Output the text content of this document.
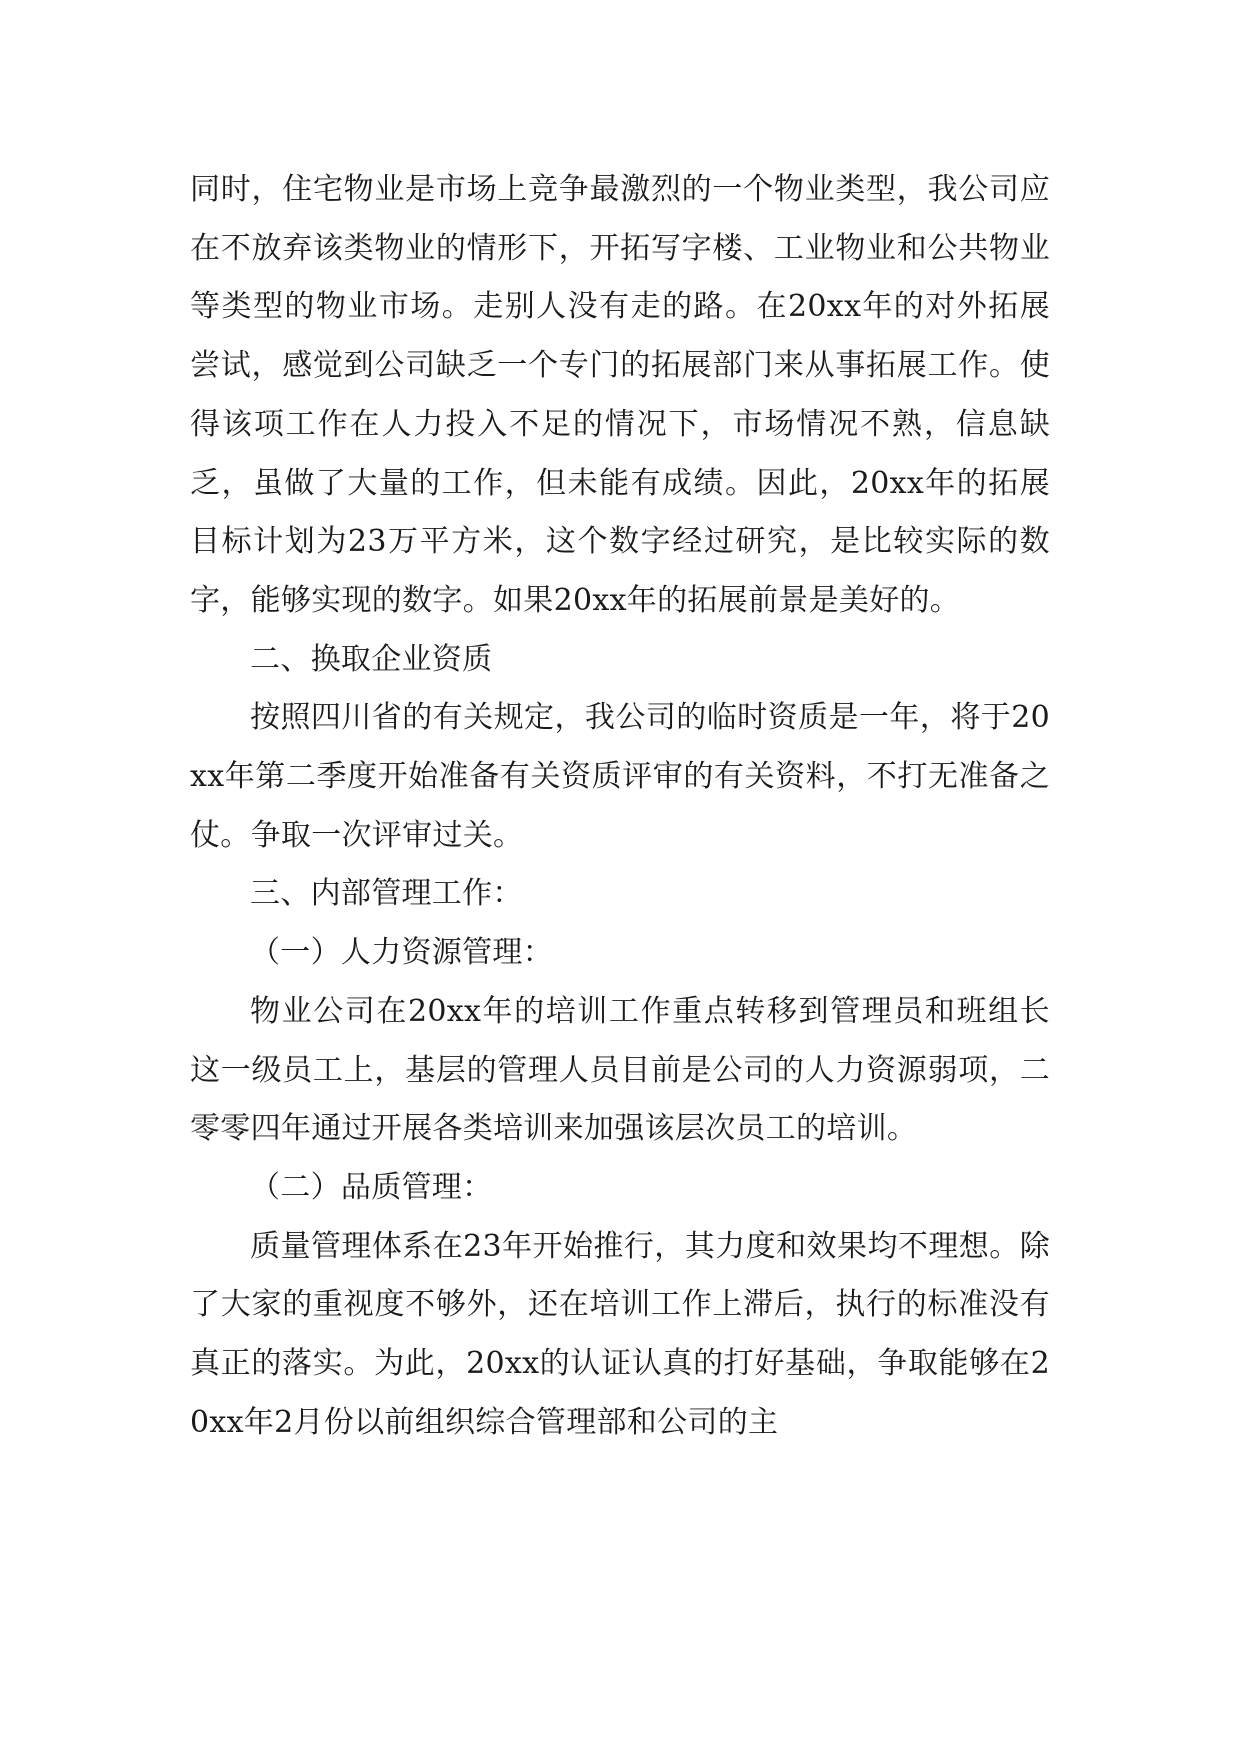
同时，住宅物业是市场上竞争最激烈的一个物业类型，我公司应在不放弃该类物业的情形下，开拓写字楼、工业物业和公共物业等类型的物业市场。走别人没有走的路。在20xx年的对外拓展尝试，感觉到公司缺乏一个专门的拓展部门来从事拓展工作。使得该项工作在人力投入不足的情况下，市场情况不熟，信息缺乏，虽做了大量的工作，但未能有成绩。因此，20xx年的拓展目标计划为23万平方米，这个数字经过研究，是比较实际的数字，能够实现的数字。如果20xx年的拓展前景是美好的。

二、换取企业资质

按照四川省的有关规定，我公司的临时资质是一年，将于20xx年第二季度开始准备有关资质评审的有关资料，不打无准备之仗。争取一次评审过关。

三、内部管理工作：

（一）人力资源管理：

物业公司在20xx年的培训工作重点转移到管理员和班组长这一级员工上，基层的管理人员目前是公司的人力资源弱项，二零零四年通过开展各类培训来加强该层次员工的培训。

（二）品质管理：

质量管理体系在23年开始推行，其力度和效果均不理想。除了大家的重视度不够外，还在培训工作上滞后，执行的标准没有真正的落实。为此，20xx的认证认真的打好基础，争取能够在20xx年2月份以前组织综合管理部和公司的主
